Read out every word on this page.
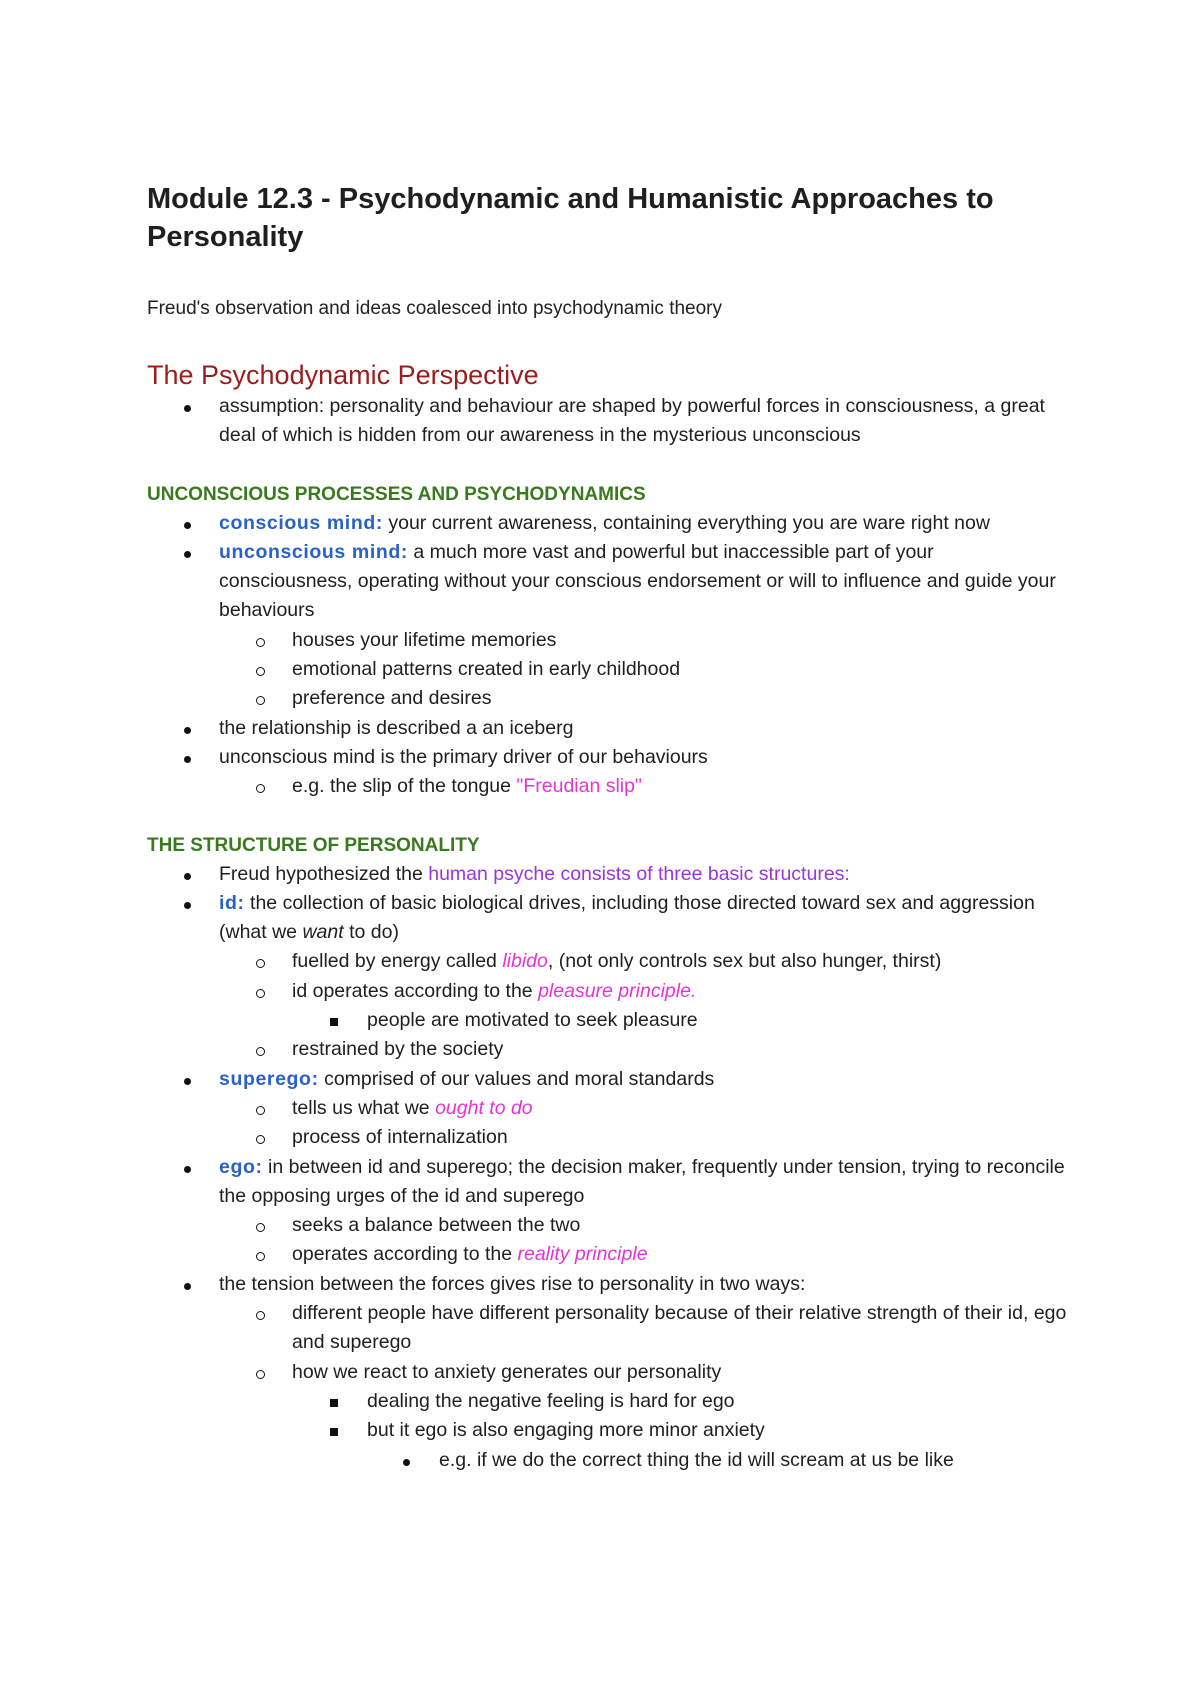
Module 12.3 - Psychodynamic and Humanistic Approaches to Personality
Freud's observation and ideas coalesced into psychodynamic theory
The Psychodynamic Perspective
assumption: personality and behaviour are shaped by powerful forces in consciousness, a great deal of which is hidden from our awareness in the mysterious unconscious
UNCONSCIOUS PROCESSES AND PSYCHODYNAMICS
conscious mind: your current awareness, containing everything you are ware right now
unconscious mind: a much more vast and powerful but inaccessible part of your consciousness, operating without your conscious endorsement or will to influence and guide your behaviours
houses your lifetime memories
emotional patterns created in early childhood
preference and desires
the relationship is described a an iceberg
unconscious mind is the primary driver of our behaviours
e.g. the slip of the tongue "Freudian slip"
THE STRUCTURE OF PERSONALITY
Freud hypothesized the human psyche consists of three basic structures:
id: the collection of basic biological drives, including those directed toward sex and aggression (what we want to do)
fuelled by energy called libido, (not only controls sex but also hunger, thirst)
id operates according to the pleasure principle.
people are motivated to seek pleasure
restrained by the society
superego: comprised of our values and moral standards
tells us what we ought to do
process of internalization
ego: in between id and superego; the decision maker, frequently under tension, trying to reconcile the opposing urges of the id and superego
seeks a balance between the two
operates according to the reality principle
the tension between the forces gives rise to personality in two ways:
different people have different personality because of their relative strength of their id, ego and superego
how we react to anxiety generates our personality
dealing the negative feeling is hard for ego
but it ego is also engaging more minor anxiety
e.g. if we do the correct thing the id will scream at us be like
